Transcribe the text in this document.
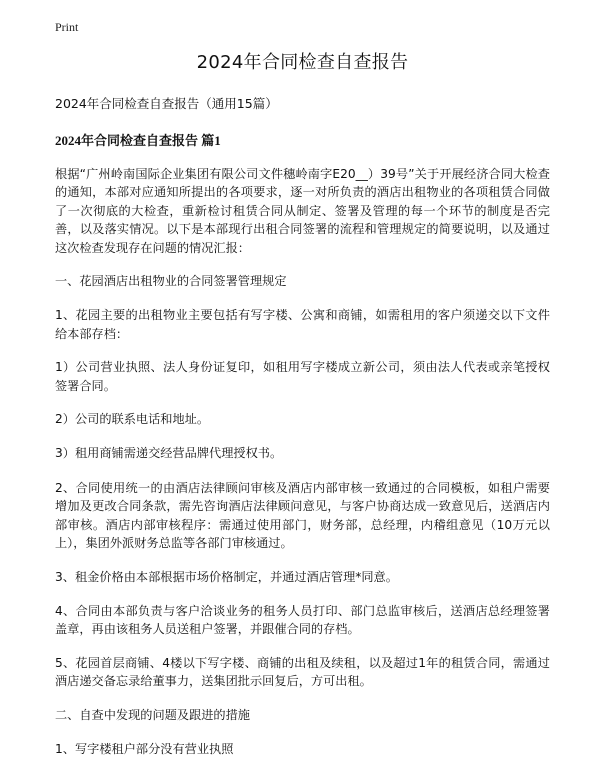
Print
2024年合同检查自查报告
2024年合同检查自查报告（通用15篇）
2024年合同检查自查报告 篇1
根据“广州岭南国际企业集团有限公司文件穗岭南字E20__）39号”关于开展经济合同大检查的通知，本部对应通知所提出的各项要求，逐一对所负责的酒店出租物业的各项租赁合同做了一次彻底的大检查，重新检讨租赁合同从制定、签署及管理的每一个环节的制度是否完善，以及落实情况。以下是本部现行出租合同签署的流程和管理规定的简要说明，以及通过这次检查发现存在问题的情况汇报：
一、花园酒店出租物业的合同签署管理规定
1、花园主要的出租物业主要包括有写字楼、公寓和商铺，如需租用的客户须递交以下文件给本部存档：
1）公司营业执照、法人身份证复印，如租用写字楼成立新公司，须由法人代表或亲笔授权签署合同。
2）公司的联系电话和地址。
3）租用商铺需递交经营品牌代理授权书。
2、合同使用统一的由酒店法律顾问审核及酒店内部审核一致通过的合同模板，如租户需要增加及更改合同条款，需先咨询酒店法律顾问意见，与客户协商达成一致意见后，送酒店内部审核。酒店内部审核程序：需通过使用部门，财务部，总经理，内稽组意见（10万元以上），集团外派财务总监等各部门审核通过。
3、租金价格由本部根据市场价格制定，并通过酒店管理*同意。
4、合同由本部负责与客户洽谈业务的租务人员打印、部门总监审核后，送酒店总经理签署盖章，再由该租务人员送租户签署，并跟催合同的存档。
5、花园首层商铺、4楼以下写字楼、商铺的出租及续租，以及超过1年的租赁合同，需通过酒店递交备忘录给董事力，送集团批示回复后，方可出租。
二、自查中发现的问题及跟进的措施
1、写字楼租户部分没有营业执照
